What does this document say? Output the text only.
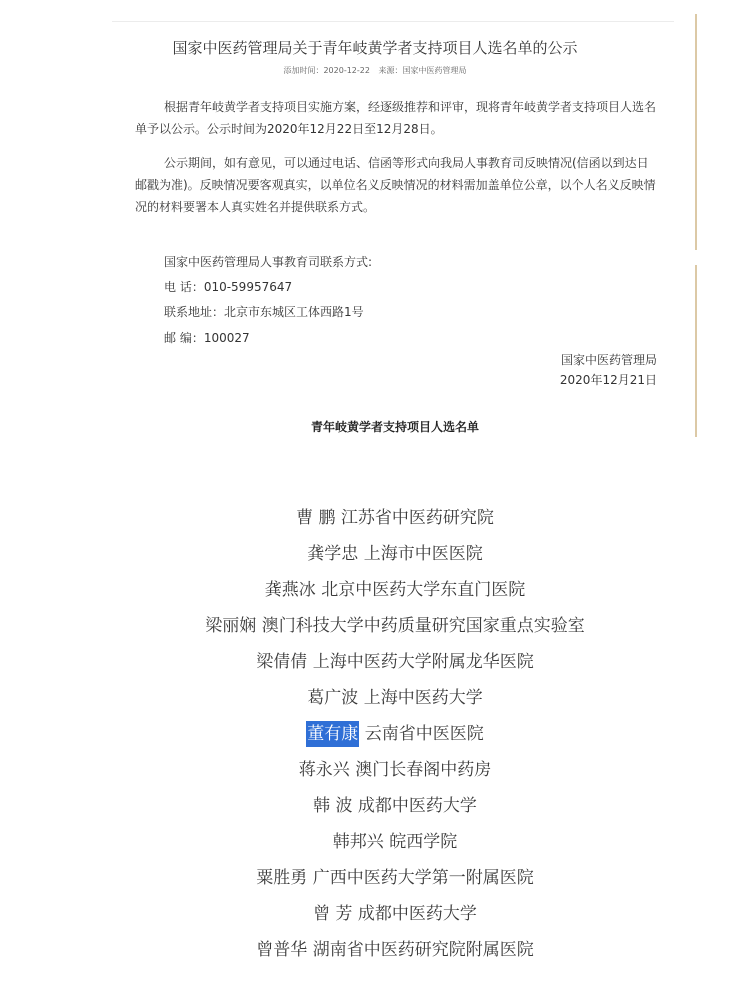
国家中医药管理局关于青年岐黄学者支持项目人选名单的公示
添加时间：2020-12-22 来源：国家中医药管理局

根据青年岐黄学者支持项目实施方案，经逐级推荐和评审，现将青年岐黄学者支持项目人选名单予以公示。公示时间为2020年12月22日至12月28日。

公示期间，如有意见，可以通过电话、信函等形式向我局人事教育司反映情况(信函以到达日邮戳为准)。反映情况要客观真实，以单位名义反映情况的材料需加盖单位公章，以个人名义反映情况的材料要署本人真实姓名并提供联系方式。

国家中医药管理局人事教育司联系方式:
电 话：010-59957647
联系地址：北京市东城区工体西路1号
邮 编：100027
国家中医药管理局
2020年12月21日
青年岐黄学者支持项目人选名单
曹 鹏 江苏省中医药研究院
龚学忠 上海市中医医院
龚燕冰 北京中医药大学东直门医院
梁丽娴 澳门科技大学中药质量研究国家重点实验室
梁倩倩 上海中医药大学附属龙华医院
葛广波 上海中医药大学
董有康 云南省中医医院
蒋永兴 澳门长春阁中药房
韩 波 成都中医药大学
韩邦兴 皖西学院
粟胜勇 广西中医药大学第一附属医院
曾 芳 成都中医药大学
曾普华 湖南省中医药研究院附属医院
